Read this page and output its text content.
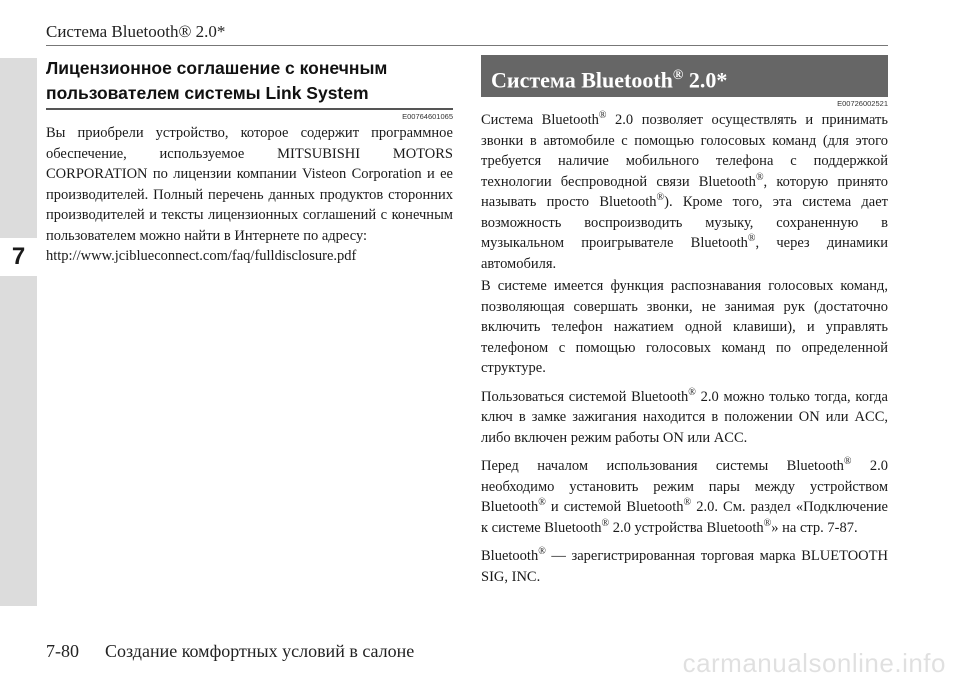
Система Bluetooth® 2.0*
7
Лицензионное соглашение с конечным пользователем системы Link System
E00764601065

Вы приобрели устройство, которое содержит программное обеспечение, используемое MITSUBISHI MOTORS CORPORATION по лицензии компании Visteon Corporation и ее производителей. Полный перечень данных продуктов сторонних производителей и тексты лицензионных соглашений с конечным пользователем можно найти в Интернете по адресу:

http://www.jciblueconnect.com/faq/fulldisclosure.pdf
Система Bluetooth® 2.0*
E00726002521

Система Bluetooth® 2.0 позволяет осуществлять и принимать звонки в автомобиле с помощью голосовых команд (для этого требуется наличие мобильного телефона с поддержкой технологии беспроводной связи Bluetooth®, которую принято называть просто Bluetooth®). Кроме того, эта система дает возможность воспроизводить музыку, сохраненную в музыкальном проигрывателе Bluetooth®, через динамики автомобиля.

В системе имеется функция распознавания голосовых команд, позволяющая совершать звонки, не занимая рук (достаточно включить телефон нажатием одной клавиши), и управлять телефоном с помощью голосовых команд по определенной структуре.

Пользоваться системой Bluetooth® 2.0 можно только тогда, когда ключ в замке зажигания находится в положении ON или ACC, либо включен режим работы ON или ACC.

Перед началом использования системы Bluetooth® 2.0 необходимо установить режим пары между устройством Bluetooth® и системой Bluetooth® 2.0. См. раздел «Подключение к системе Bluetooth® 2.0 устройства Bluetooth®» на стр. 7-87.

Bluetooth® — зарегистрированная торговая марка BLUETOOTH SIG, INC.

7-80 Создание комфортных условий в салоне	carmanualsonline.info
